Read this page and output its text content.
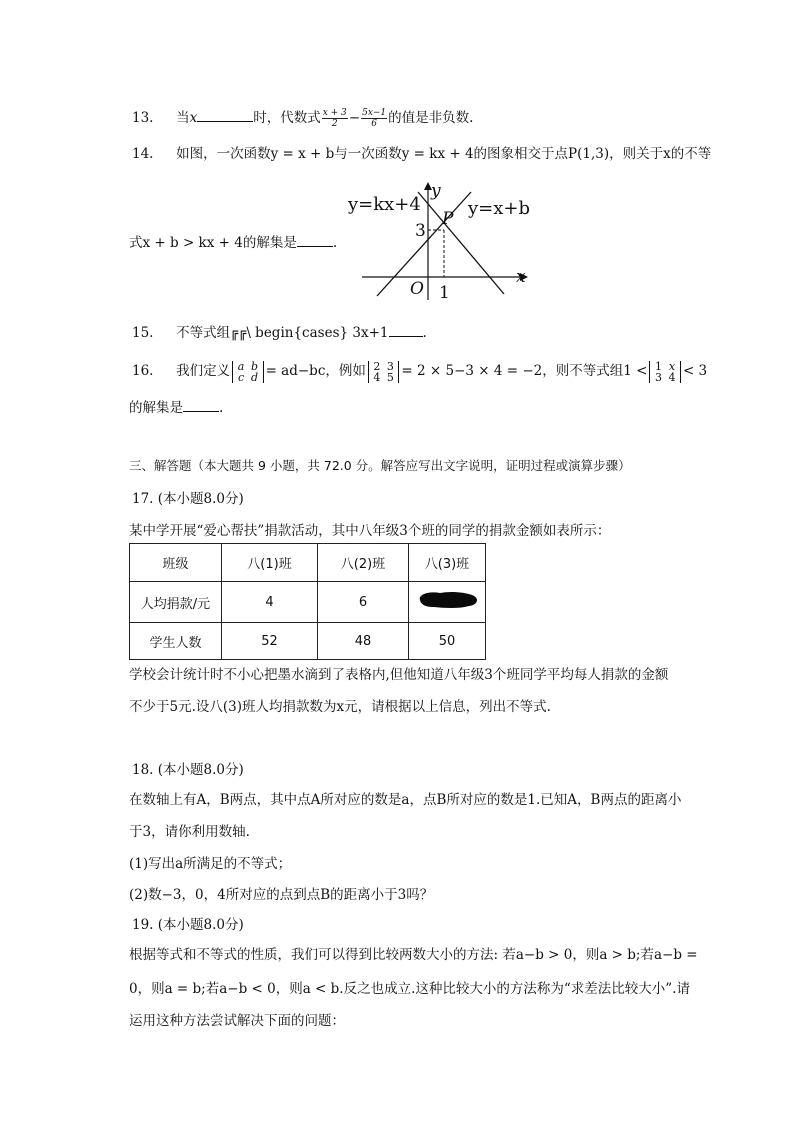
13. 当x	时，代数式 $\frac{x + 3}{2} - \frac{5x-1}{6}$ 的值是非负数.
14. 如图，一次函数y = x + b与一次函数y = kx + 4的图象相交于点P(1,3)，则关于x的不等
式x + b > kx + 4的解集是	.
y=kx+4	y=x+b
y
x
P
3
O 1
15. 不等式组╔╔\ begin{cases} 3x+1	.
16. 我们定义 a b
c d = ad−bc，例如 2 3
4 5 = 2 × 5−3 × 4 = −2，则不等式组1 < 1 x
3 4 < 3
的解集是	.
三、解答题（本大题共 9 小题，共 72.0 分。解答应写出文字说明，证明过程或演算步骤）
17. (本小题8.0分)
某中学开展“爱心帮扶”捐款活动，其中八年级3个班的同学的捐款金额如表所示：
班级	八(1)班	八(2)班	八(3)班
人均捐款/元	4	6	
学生人数	52	48	50
学校会计统计时不小心把墨水滴到了表格内,但他知道八年级3个班同学平均每人捐款的金额
不少于5元.设八(3)班人均捐款数为x元，请根据以上信息，列出不等式.
18. (本小题8.0分)
在数轴上有A，B两点，其中点A所对应的数是a，点B所对应的数是1.已知A，B两点的距离小
于3，请你利用数轴.
(1)写出a所满足的不等式；
(2)数−3，0，4所对应的点到点B的距离小于3吗？
19. (本小题8.0分)
根据等式和不等式的性质，我们可以得到比较两数大小的方法: 若a−b > 0，则a > b;若a−b =
0，则a = b;若a−b < 0，则a < b.反之也成立.这种比较大小的方法称为“求差法比较大小”.请
运用这种方法尝试解决下面的问题：
